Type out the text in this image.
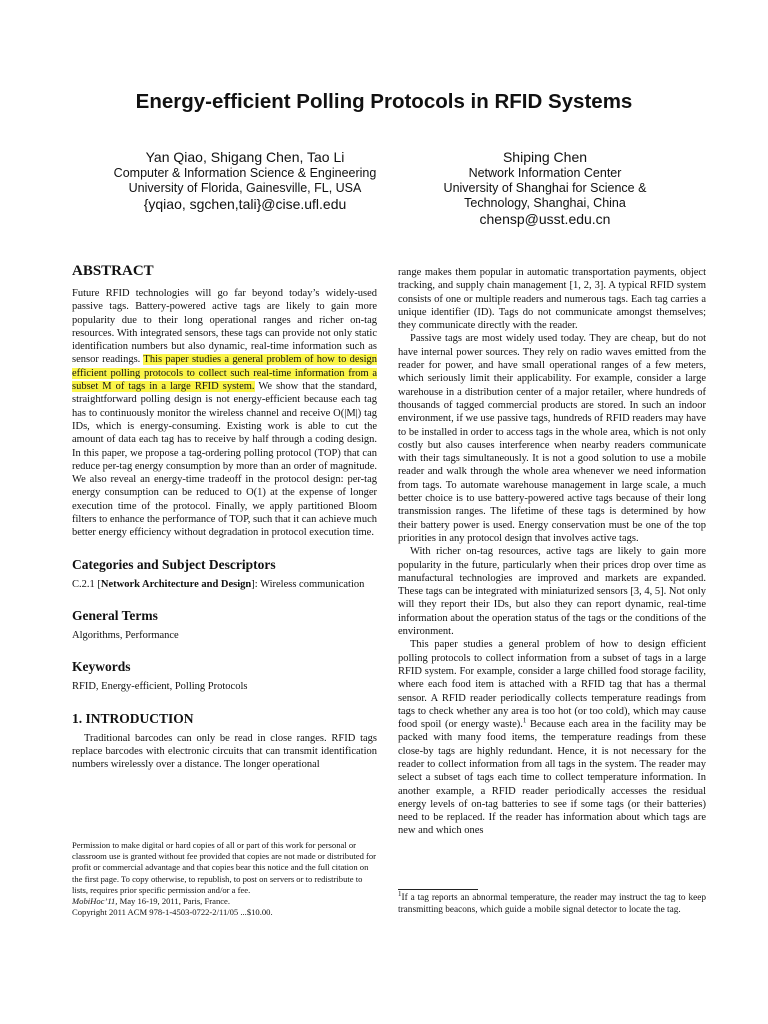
Energy-efficient Polling Protocols in RFID Systems
Yan Qiao, Shigang Chen, Tao Li
Computer & Information Science & Engineering
University of Florida, Gainesville, FL, USA
{yqiao, sgchen,tali}@cise.ufl.edu
Shiping Chen
Network Information Center
University of Shanghai for Science &
Technology, Shanghai, China
chensp@usst.edu.cn
ABSTRACT

Future RFID technologies will go far beyond today’s widely-used passive tags. Battery-powered active tags are likely to gain more popularity due to their long operational ranges and richer on-tag resources. With integrated sensors, these tags can provide not only static identification numbers but also dynamic, real-time information such as sensor readings. This paper studies a general problem of how to design efficient polling protocols to collect such real-time information from a subset M of tags in a large RFID system. We show that the standard, straightforward polling design is not energy-efficient because each tag has to continuously monitor the wireless channel and receive O(|M|) tag IDs, which is energy-consuming. Existing work is able to cut the amount of data each tag has to receive by half through a coding design. In this paper, we propose a tag-ordering polling protocol (TOP) that can reduce per-tag energy consumption by more than an order of magnitude. We also reveal an energy-time tradeoff in the protocol design: per-tag energy consumption can be reduced to O(1) at the expense of longer execution time of the protocol. Finally, we apply partitioned Bloom filters to enhance the performance of TOP, such that it can achieve much better energy efficiency without degradation in protocol execution time.

Categories and Subject Descriptors

C.2.1 [Network Architecture and Design]: Wireless communication

General Terms

Algorithms, Performance

Keywords

RFID, Energy-efficient, Polling Protocols

1. INTRODUCTION

Traditional barcodes can only be read in close ranges. RFID tags replace barcodes with electronic circuits that can transmit identification numbers wirelessly over a distance. The longer operational

Permission to make digital or hard copies of all or part of this work for personal or classroom use is granted without fee provided that copies are not made or distributed for profit or commercial advantage and that copies bear this notice and the full citation on the first page. To copy otherwise, to republish, to post on servers or to redistribute to lists, requires prior specific permission and/or a fee.

MobiHoc’11, May 16-19, 2011, Paris, France.

Copyright 2011 ACM 978-1-4503-0722-2/11/05 ...$10.00.

range makes them popular in automatic transportation payments, object tracking, and supply chain management [1, 2, 3]. A typical RFID system consists of one or multiple readers and numerous tags. Each tag carries a unique identifier (ID). Tags do not communicate amongst themselves; they communicate directly with the reader.

Passive tags are most widely used today. They are cheap, but do not have internal power sources. They rely on radio waves emitted from the reader for power, and have small operational ranges of a few meters, which seriously limit their applicability. For example, consider a large warehouse in a distribution center of a major retailer, where hundreds of thousands of tagged commercial products are stored. In such an indoor environment, if we use passive tags, hundreds of RFID readers may have to be installed in order to access tags in the whole area, which is not only costly but also causes interference when nearby readers communicate with their tags simultaneously. It is not a good solution to use a mobile reader and walk through the whole area whenever we need information from tags. To automate warehouse management in large scale, a much better choice is to use battery-powered active tags because of their long transmission ranges. The lifetime of these tags is determined by how their battery power is used. Energy conservation must be one of the top priorities in any protocol design that involves active tags.

With richer on-tag resources, active tags are likely to gain more popularity in the future, particularly when their prices drop over time as manufactural technologies are improved and markets are expanded. These tags can be integrated with miniaturized sensors [3, 4, 5]. Not only will they report their IDs, but also they can report dynamic, real-time information about the operation status of the tags or the conditions of the environment.

This paper studies a general problem of how to design efficient polling protocols to collect information from a subset of tags in a large RFID system. For example, consider a large chilled food storage facility, where each food item is attached with a RFID tag that has a thermal sensor. A RFID reader periodically collects temperature readings from tags to check whether any area is too hot (or too cold), which may cause food spoil (or energy waste).$^1$ Because each area in the facility may be packed with many food items, the temperature readings from these close-by tags are highly redundant. Hence, it is not necessary for the reader to collect information from all tags in the system. The reader may select a subset of tags each time to collect temperature information. In another example, a RFID reader periodically accesses the residual energy levels of on-tag batteries to see if some tags (or their batteries) need to be replaced. If the reader has information about which tags are new and which ones

$^1$If a tag reports an abnormal temperature, the reader may instruct the tag to keep transmitting beacons, which guide a mobile signal detector to locate the tag.
